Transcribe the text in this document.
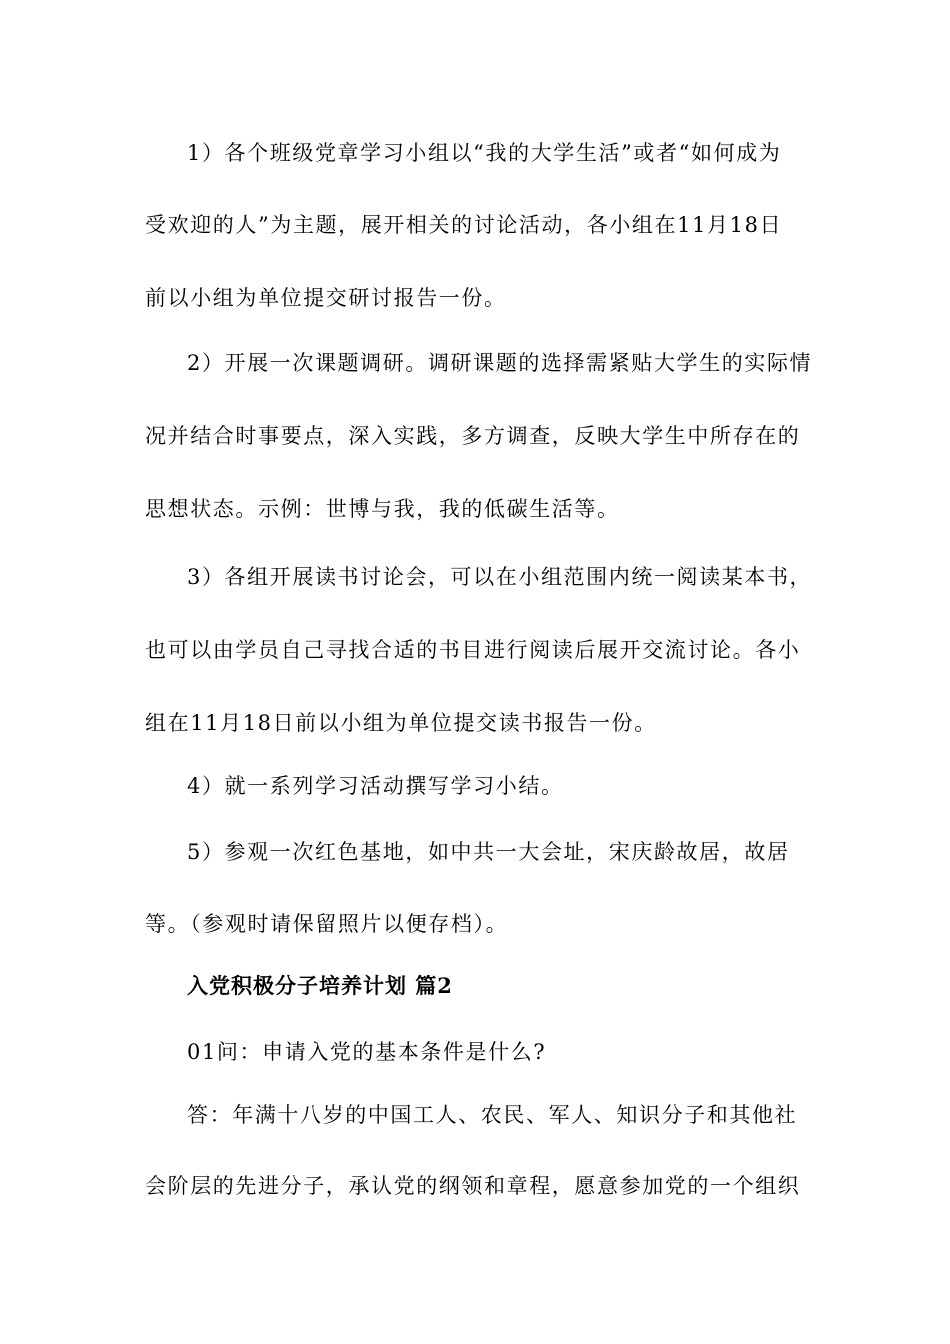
1）各个班级党章学习小组以“我的大学生活”或者“如何成为
受欢迎的人”为主题，展开相关的讨论活动，各小组在11月18日
前以小组为单位提交研讨报告一份。
2）开展一次课题调研。调研课题的选择需紧贴大学生的实际情
况并结合时事要点，深入实践，多方调查，反映大学生中所存在的
思想状态。示例：世博与我，我的低碳生活等。
3）各组开展读书讨论会，可以在小组范围内统一阅读某本书，
也可以由学员自己寻找合适的书目进行阅读后展开交流讨论。各小
组在11月18日前以小组为单位提交读书报告一份。
4）就一系列学习活动撰写学习小结。
5）参观一次红色基地，如中共一大会址，宋庆龄故居，故居
等。（参观时请保留照片以便存档）。
入党积极分子培养计划 篇2
01问：申请入党的基本条件是什么?
答：年满十八岁的中国工人、农民、军人、知识分子和其他社
会阶层的先进分子，承认党的纲领和章程，愿意参加党的一个组织
